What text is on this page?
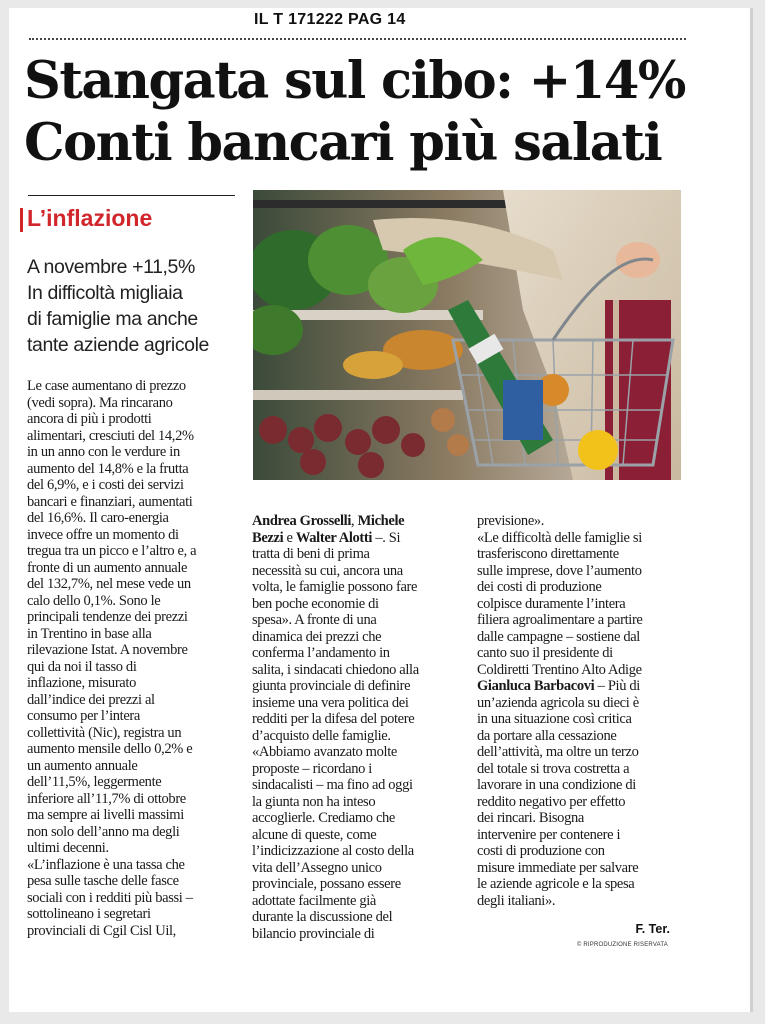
IL T 171222 PAG 14
Stangata sul cibo: +14%
Conti bancari più salati
L’inflazione
A novembre +11,5%
In difficoltà migliaia
di famiglie ma anche
tante aziende agricole
Le case aumentano di prezzo
(vedi sopra). Ma rincarano
ancora di più i prodotti
alimentari, cresciuti del 14,2%
in un anno con le verdure in
aumento del 14,8% e la frutta
del 6,9%, e i costi dei servizi
bancari e finanziari, aumentati
del 16,6%. Il caro-energia
invece offre un momento di
tregua tra un picco e l’altro e, a
fronte di un aumento annuale
del 132,7%, nel mese vede un
calo dello 0,1%. Sono le
principali tendenze dei prezzi
in Trentino in base alla
rilevazione Istat. A novembre
qui da noi il tasso di
inflazione, misurato
dall’indice dei prezzi al
consumo per l’intera
collettività (Nic), registra un
aumento mensile dello 0,2% e
un aumento annuale
dell’11,5%, leggermente
inferiore all’11,7% di ottobre
ma sempre ai livelli massimi
non solo dell’anno ma degli
ultimi decenni.
«L’inflazione è una tassa che
pesa sulle tasche delle fasce
sociali con i redditi più bassi –
sottolineano i segretari
provinciali di Cgil Cisl Uil,
Andrea Grosselli, Michele
Bezzi e Walter Alotti –. Si
tratta di beni di prima
necessità su cui, ancora una
volta, le famiglie possono fare
ben poche economie di
spesa». A fronte di una
dinamica dei prezzi che
conferma l’andamento in
salita, i sindacati chiedono alla
giunta provinciale di definire
insieme una vera politica dei
redditi per la difesa del potere
d’acquisto delle famiglie.
«Abbiamo avanzato molte
proposte – ricordano i
sindacalisti – ma fino ad oggi
la giunta non ha inteso
accoglierle. Crediamo che
alcune di queste, come
l’indicizzazione al costo della
vita dell’Assegno unico
provinciale, possano essere
adottate facilmente già
durante la discussione del
bilancio provinciale di
previsione».
«Le difficoltà delle famiglie si
trasferiscono direttamente
sulle imprese, dove l’aumento
dei costi di produzione
colpisce duramente l’intera
filiera agroalimentare a partire
dalle campagne – sostiene dal
canto suo il presidente di
Coldiretti Trentino Alto Adige
Gianluca Barbacovi – Più di
un’azienda agricola su dieci è
in una situazione così critica
da portare alla cessazione
dell’attività, ma oltre un terzo
del totale si trova costretta a
lavorare in una condizione di
reddito negativo per effetto
dei rincari. Bisogna
intervenire per contenere i
costi di produzione con
misure immediate per salvare
le aziende agricole e la spesa
degli italiani».
F. Ter.
© RIPRODUZIONE RISERVATA
